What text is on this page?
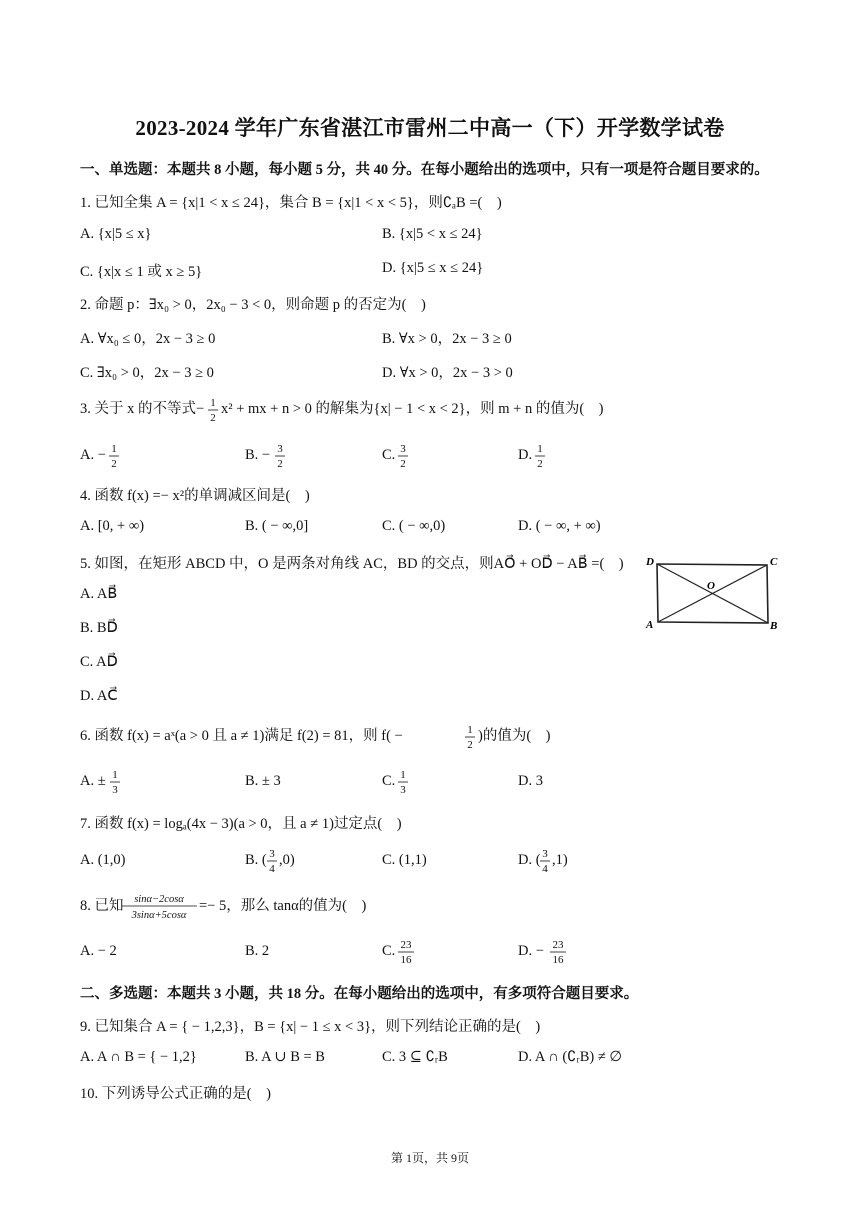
2023-2024 学年广东省湛江市雷州二中高一（下）开学数学试卷
一、单选题：本题共 8 小题，每小题 5 分，共 40 分。在每小题给出的选项中，只有一项是符合题目要求的。
1. 已知全集 A = {x|1 < x ≤ 24}，集合 B = {x|1 < x < 5}，则∁ₐB =(　)
A. {x|5 ≤ x}	B. {x|5 < x ≤ 24}
C. {x|x ≤ 1 或 x ≥ 5}	D. {x|5 ≤ x ≤ 24}
2. 命题 p：∃x₀ > 0，2x₀ − 3 < 0，则命题 p 的否定为(　)
A. ∀x₀ ≤ 0，2x − 3 ≥ 0	B. ∀x > 0，2x − 3 ≥ 0
C. ∃x₀ > 0，2x − 3 ≥ 0	D. ∀x > 0，2x − 3 > 0
3. 关于 x 的不等式− 1
2
x² + mx + n > 0 的解集为{x| − 1 < x < 2}，则 m + n 的值为(　)
A. − 1
2
B. − 3
2
C. 3
2
D. 1
2
4. 函数 f(x) =− x²的单调减区间是(　)
A. [0, + ∞)	B. ( − ∞,0]	C. ( − ∞,0)	D. ( − ∞, + ∞)
5. 如图，在矩形 ABCD 中，O 是两条对角线 AC，BD 的交点，则AO⃗ + OD⃗ − AB⃗ =(　)
A. AB⃗
B. BD⃗
C. AD⃗
D. AC⃗
D	C
A	B
O
6. 函数 f(x) = aˣ(a > 0 且 a ≠ 1)满足 f(2) = 81，则 f( −	1
2
)的值为(　)
A. ± 1
3
B. ± 3	C. 1
3
D. 3
7. 函数 f(x) = logₐ(4x − 3)(a > 0，且 a ≠ 1)过定点(　)
A. (1,0)	B. ( 3
4
,0)	C. (1,1)	D. ( 3
4
,1)
8. 已知 sinα−2cosα
3sinα+5cosα
=− 5，那么 tanα的值为(　)
A. − 2	B. 2	C. 23
16
D. − 23
16
二、多选题：本题共 3 小题，共 18 分。在每小题给出的选项中，有多项符合题目要求。
9. 已知集合 A = { − 1,2,3}，B = {x| − 1 ≤ x < 3}，则下列结论正确的是(　)
A. A ∩ B = { − 1,2}	B. A ∪ B = B	C. 3 ⊆ ∁ᵣB	D. A ∩ (∁ᵣB) ≠ ∅
10. 下列诱导公式正确的是(　)
第 1页，共 9页
